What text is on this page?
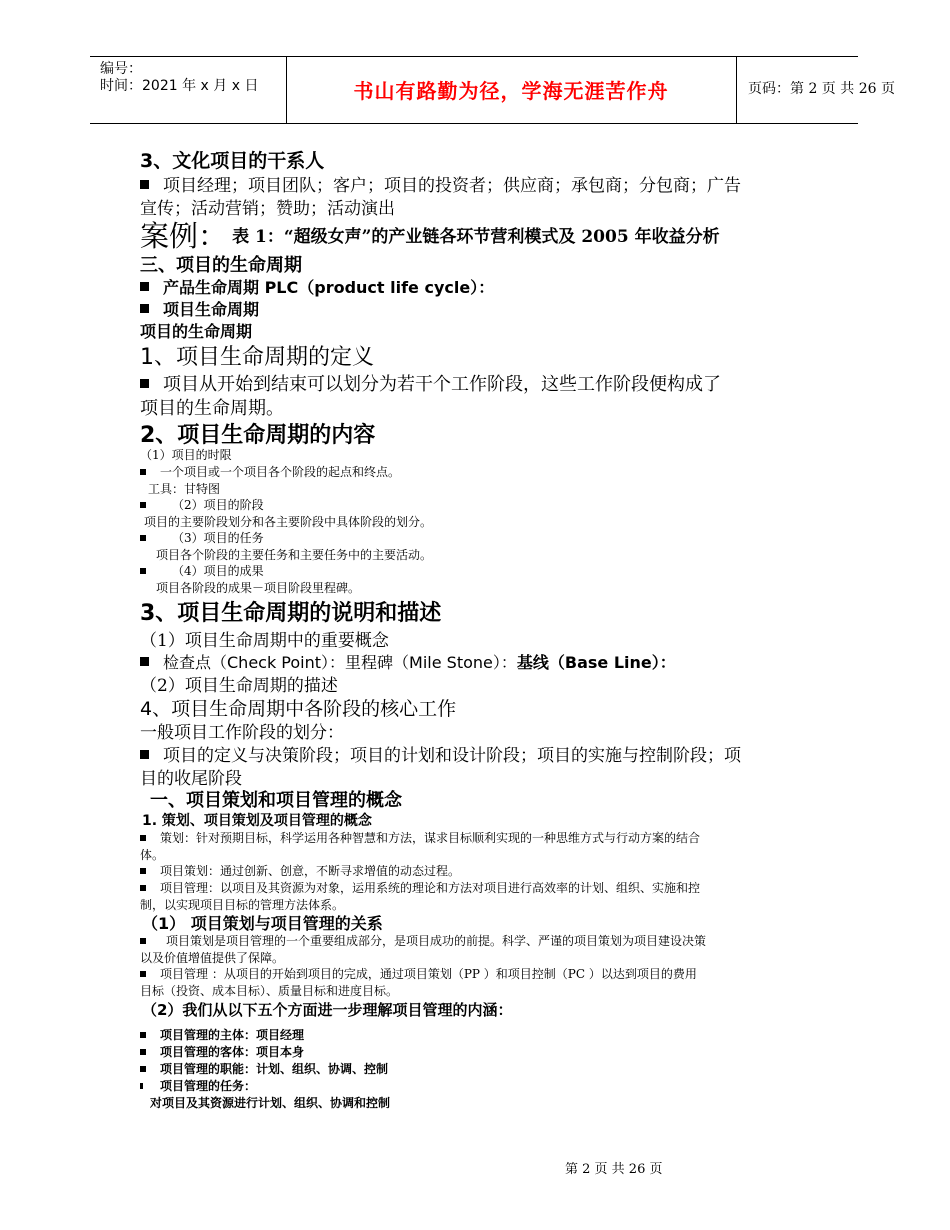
编号：
时间：2021 年 x 月 x 日	书山有路勤为径，学海无涯苦作舟	页码：第 2 页 共 26 页
3、文化项目的干系人
项目经理；项目团队；客户；项目的投资者；供应商；承包商；分包商；广告
宣传；活动营销；赞助；活动演出
案例： 表 1：“超级女声”的产业链各环节营利模式及 2005 年收益分析
三、项目的生命周期
产品生命周期 PLC（product life cycle）：
项目生命周期
项目的生命周期
1、项目生命周期的定义
项目从开始到结束可以划分为若干个工作阶段，这些工作阶段便构成了
项目的生命周期。
2、项目生命周期的内容
（1）项目的时限
一个项目或一个项目各个阶段的起点和终点。
工具：甘特图
（2）项目的阶段
项目的主要阶段划分和各主要阶段中具体阶段的划分。
（3）项目的任务
项目各个阶段的主要任务和主要任务中的主要活动。
（4）项目的成果
项目各阶段的成果－项目阶段里程碑。
3、项目生命周期的说明和描述
（1）项目生命周期中的重要概念
检查点（Check Point）：里程碑（Mile Stone）：基线（Base Line）：
（2）项目生命周期的描述
4、项目生命周期中各阶段的核心工作
一般项目工作阶段的划分：
项目的定义与决策阶段；项目的计划和设计阶段；项目的实施与控制阶段；项
目的收尾阶段
一、项目策划和项目管理的概念
1. 策划、项目策划及项目管理的概念
策划：针对预期目标，科学运用各种智慧和方法，谋求目标顺利实现的一种思维方式与行动方案的结合
体。
项目策划：通过创新、创意，不断寻求增值的动态过程。
项目管理：以项目及其资源为对象，运用系统的理论和方法对项目进行高效率的计划、组织、实施和控
制，以实现项目目标的管理方法体系。
（1） 项目策划与项目管理的关系
项目策划是项目管理的一个重要组成部分，是项目成功的前提。科学、严谨的项目策划为项目建设决策
以及价值增值提供了保障。
项目管理 ：从项目的开始到项目的完成，通过项目策划（PP ）和项目控制（PC ）以达到项目的费用
目标（投资、成本目标）、质量目标和进度目标。
（2）我们从以下五个方面进一步理解项目管理的内涵：
项目管理的主体：项目经理
项目管理的客体：项目本身
项目管理的职能：计划、组织、协调、控制
项目管理的任务：
对项目及其资源进行计划、组织、协调和控制
第 2 页 共 26 页
